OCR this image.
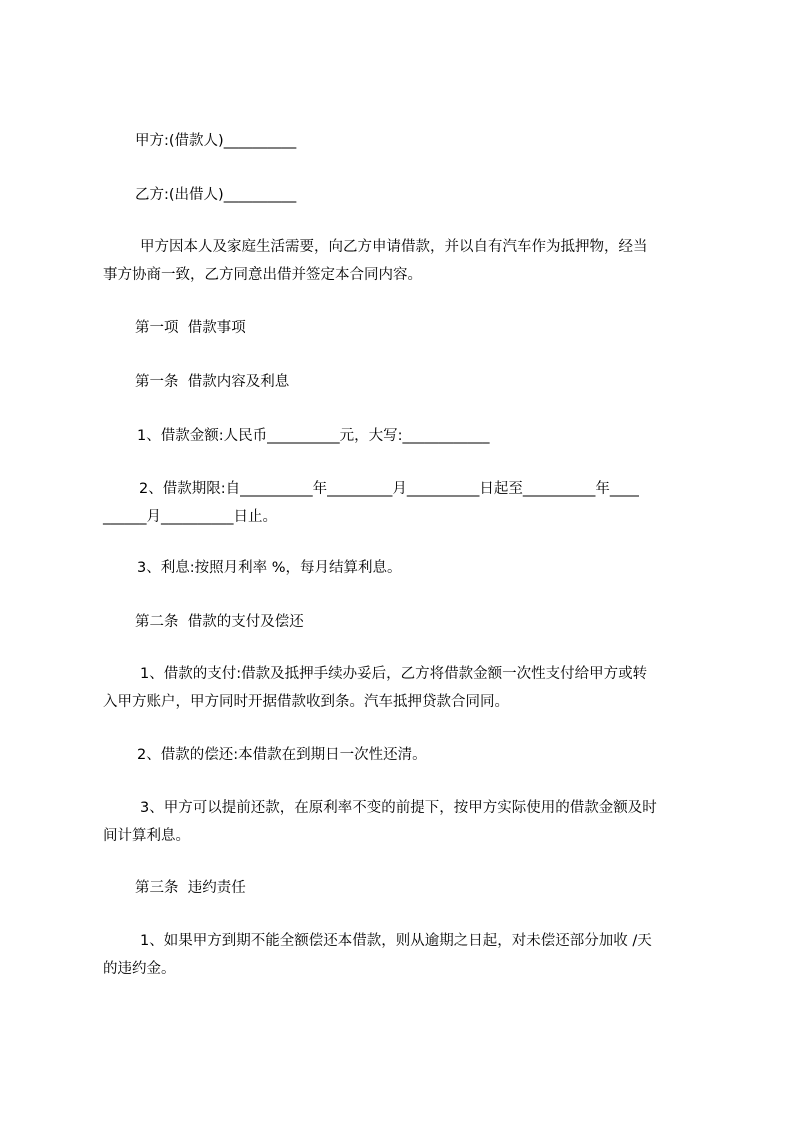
甲方:(借款人)__________
乙方:(出借人)__________
甲方因本人及家庭生活需要，向乙方申请借款，并以自有汽车作为抵押物，经当
事方协商一致，乙方同意出借并签定本合同内容。
第一项  借款事项
第一条  借款内容及利息
1、借款金额:人民币__________元，大写:____________
2、借款期限:自__________年_________月__________日起至__________年____
______月__________日止。
3、利息:按照月利率 %，每月结算利息。
第二条  借款的支付及偿还
1、借款的支付:借款及抵押手续办妥后，乙方将借款金额一次性支付给甲方或转
入甲方账户，甲方同时开据借款收到条。汽车抵押贷款合同同。
2、借款的偿还:本借款在到期日一次性还清。
3、甲方可以提前还款，在原利率不变的前提下，按甲方实际使用的借款金额及时
间计算利息。
第三条  违约责任
1、如果甲方到期不能全额偿还本借款，则从逾期之日起，对未偿还部分加收 /天
的违约金。
